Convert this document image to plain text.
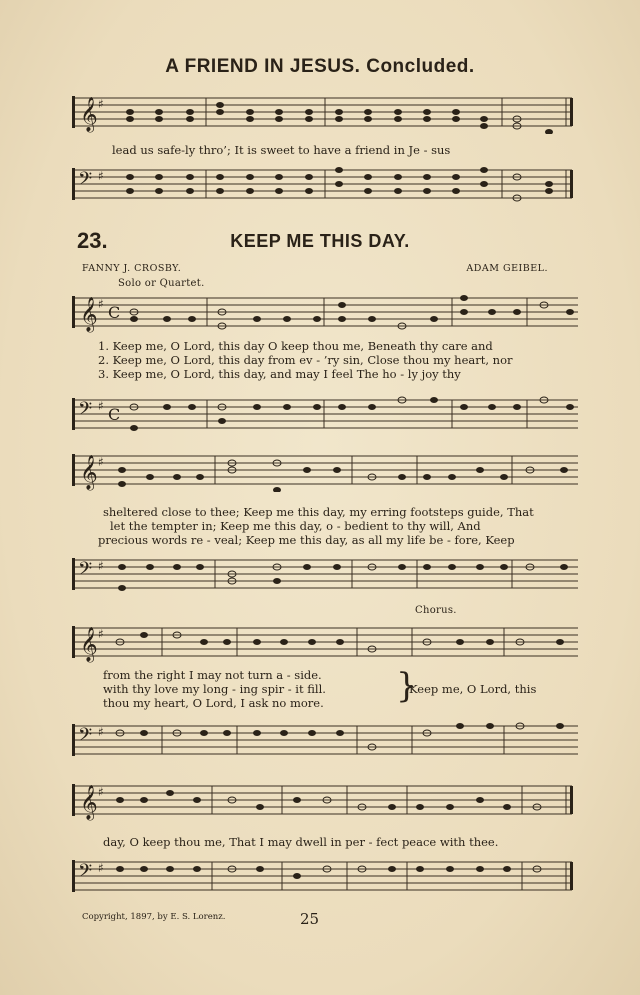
A FRIEND IN JESUS. Concluded.
𝄞 ♯
lead us safe-ly thro’; It is sweet to have a friend in Je - sus
𝄢 ♯
23.	KEEP ME THIS DAY.
FANNY J. CROSBY.	ADAM GEIBEL.
Solo or Quartet.
𝄞 ♯ C
1. Keep me, O Lord, this day O keep thou me, Beneath thy care and
2. Keep me, O Lord, this day from ev - ’ry sin, Close thou my heart, nor
3. Keep me, O Lord, this day, and may I feel The ho - ly joy thy
𝄢 ♯ C
𝄞 ♯
sheltered close to thee; Keep me this day, my erring footsteps guide, That
let the tempter in; Keep me this day, o - bedient to thy will, And
precious words re - veal; Keep me this day, as all my life be - fore, Keep
𝄢 ♯
Chorus.
𝄞 ♯
from the right I may not turn a - side.
with thy love my long - ing spir - it fill.
thou my heart, O Lord, I ask no more. }
Keep me, O Lord, this
𝄢 ♯
𝄞 ♯
day, O keep thou me, That I may dwell in per - fect peace with thee.
𝄢 ♯
Copyright, 1897, by E. S. Lorenz.	25
